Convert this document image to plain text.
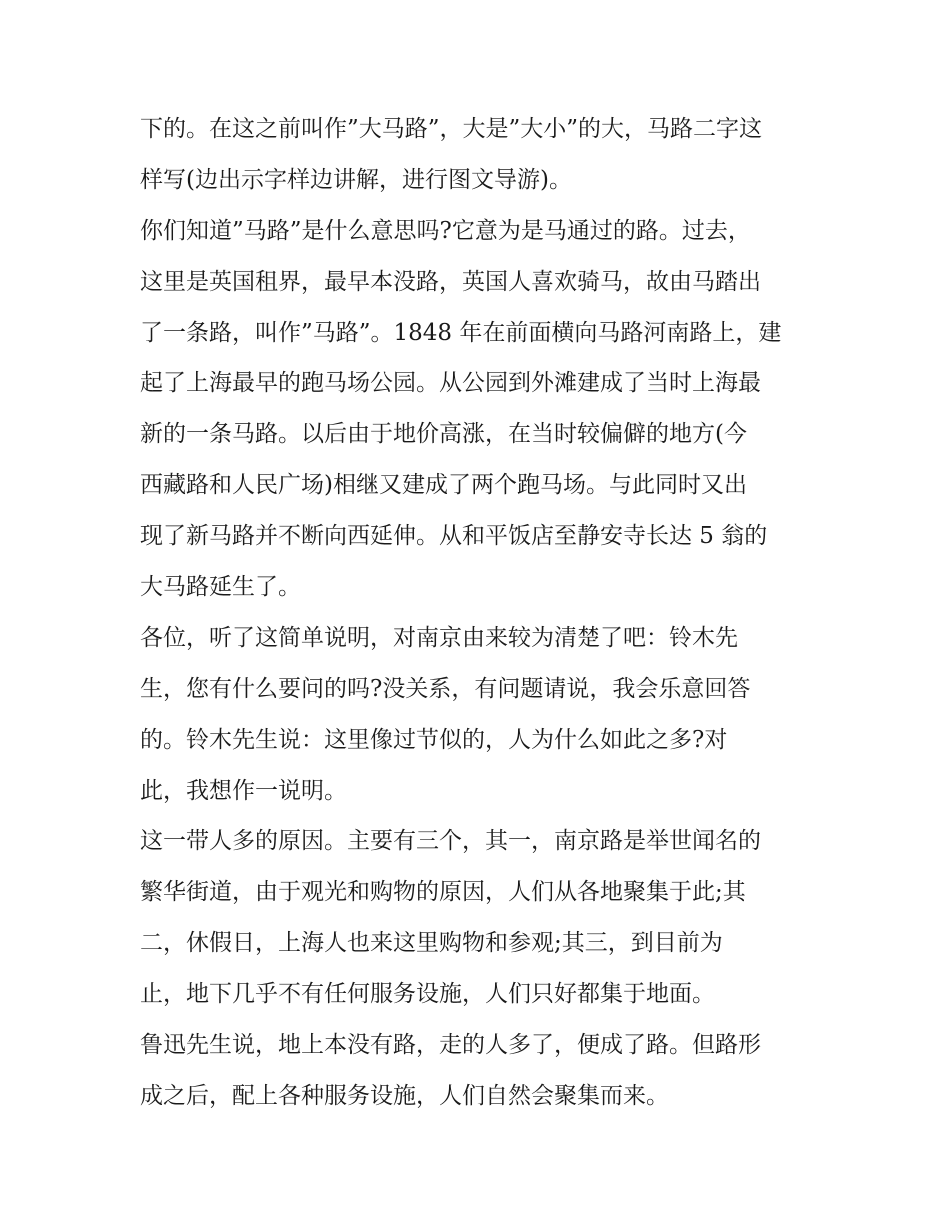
下的。在这之前叫作”大马路”，大是”大小”的大，马路二字这
样写(边出示字样边讲解，进行图文导游)。
你们知道”马路”是什么意思吗?它意为是马通过的路。过去，
这里是英国租界，最早本没路，英国人喜欢骑马，故由马踏出
了一条路，叫作”马路”。1848 年在前面横向马路河南路上，建
起了上海最早的跑马场公园。从公园到外滩建成了当时上海最
新的一条马路。以后由于地价高涨，在当时较偏僻的地方(今
西藏路和人民广场)相继又建成了两个跑马场。与此同时又出
现了新马路并不断向西延伸。从和平饭店至静安寺长达 5 翁的
大马路延生了。
各位，听了这简单说明，对南京由来较为清楚了吧：铃木先
生，您有什么要问的吗?没关系，有问题请说，我会乐意回答
的。铃木先生说：这里像过节似的，人为什么如此之多?对
此，我想作一说明。
这一带人多的原因。主要有三个，其一，南京路是举世闻名的
繁华街道，由于观光和购物的原因，人们从各地聚集于此;其
二，休假日，上海人也来这里购物和参观;其三，到目前为
止，地下几乎不有任何服务设施，人们只好都集于地面。
鲁迅先生说，地上本没有路，走的人多了，便成了路。但路形
成之后，配上各种服务设施，人们自然会聚集而来。
